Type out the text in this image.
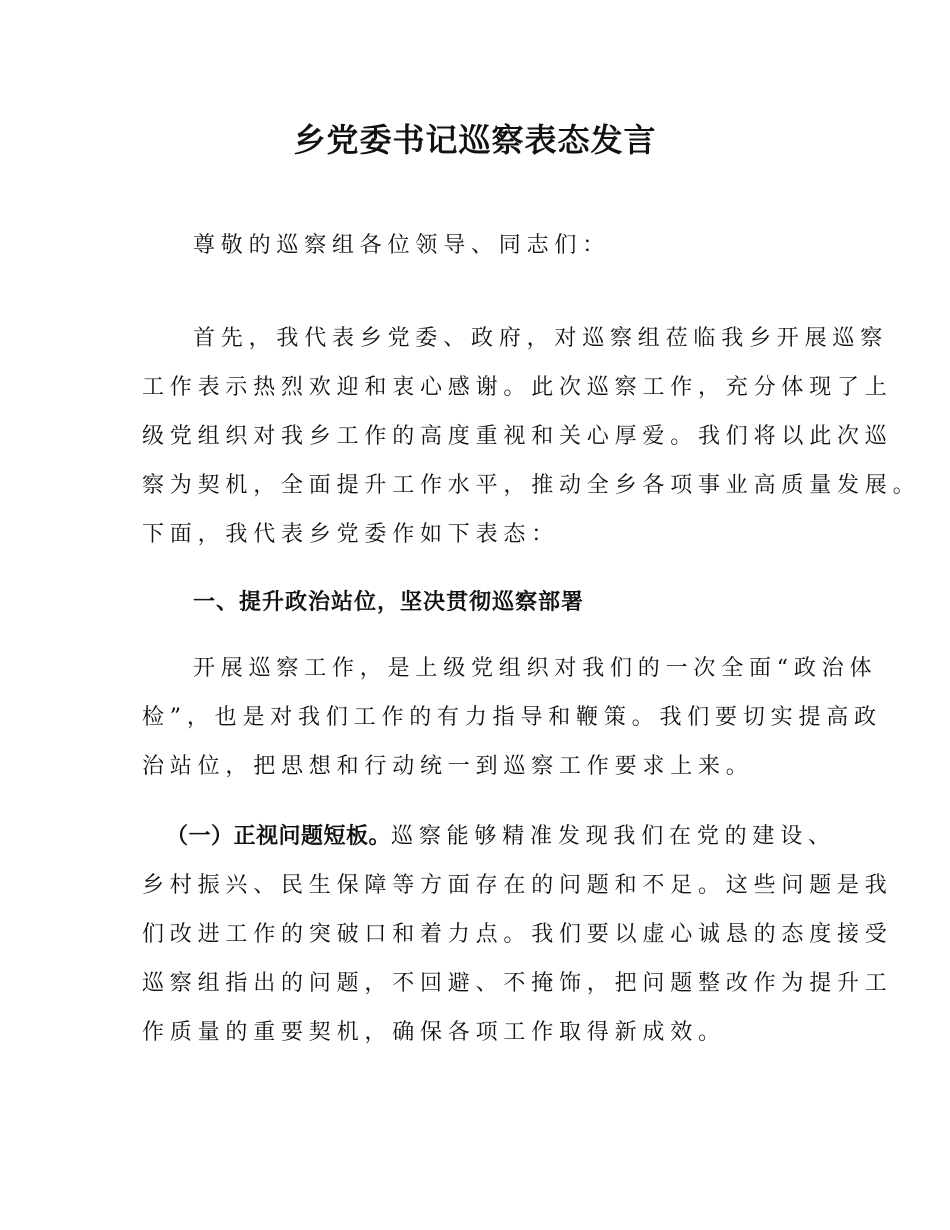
乡党委书记巡察表态发言
尊敬的巡察组各位领导、同志们：
首先，我代表乡党委、政府，对巡察组莅临我乡开展巡察
工作表示热烈欢迎和衷心感谢。此次巡察工作，充分体现了上
级党组织对我乡工作的高度重视和关心厚爱。我们将以此次巡
察为契机，全面提升工作水平，推动全乡各项事业高质量发展。
下面，我代表乡党委作如下表态：
一、提升政治站位，坚决贯彻巡察部署
开展巡察工作，是上级党组织对我们的一次全面“政治体
检”，也是对我们工作的有力指导和鞭策。我们要切实提高政
治站位，把思想和行动统一到巡察工作要求上来。
（一）正视问题短板。巡察能够精准发现我们在党的建设、
乡村振兴、民生保障等方面存在的问题和不足。这些问题是我
们改进工作的突破口和着力点。我们要以虚心诚恳的态度接受
巡察组指出的问题，不回避、不掩饰，把问题整改作为提升工
作质量的重要契机，确保各项工作取得新成效。
